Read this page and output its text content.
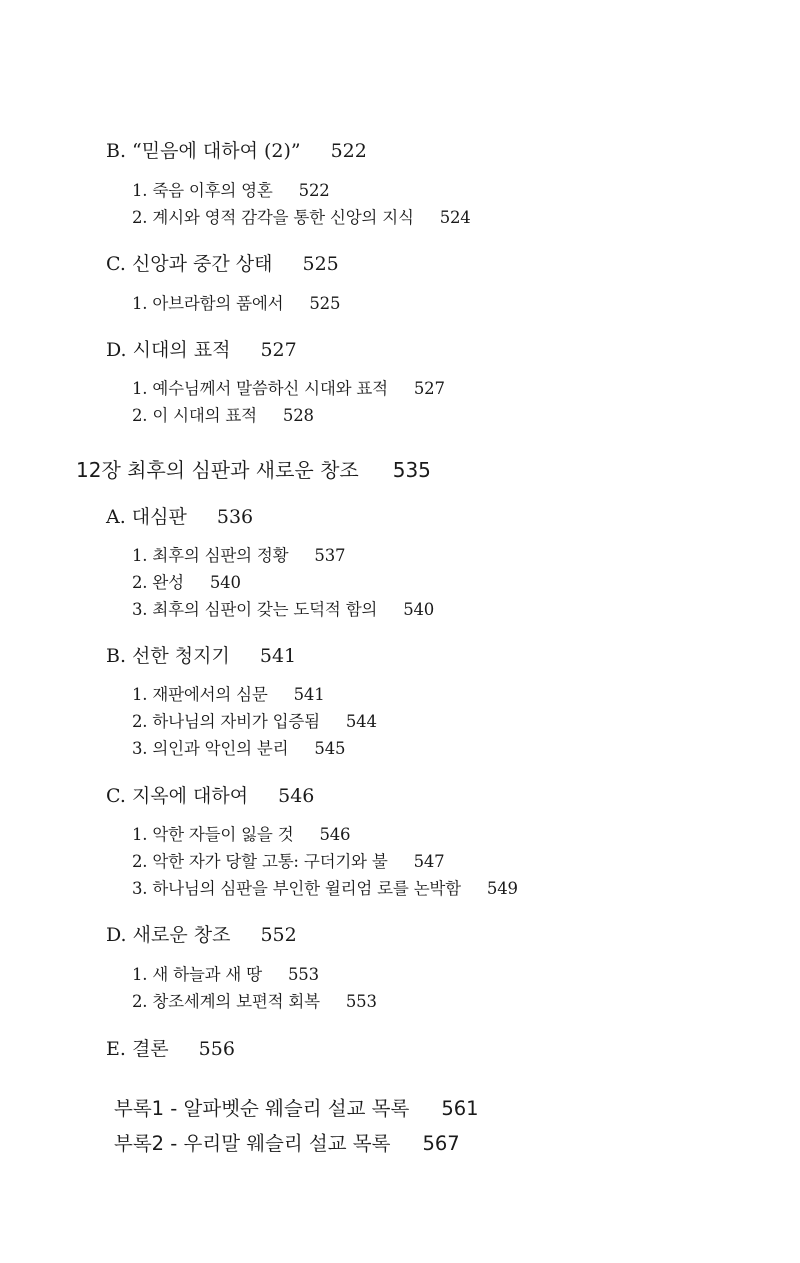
B. “믿음에 대하여 (2)” 522
1. 죽음 이후의 영혼 522
2. 계시와 영적 감각을 통한 신앙의 지식 524
C. 신앙과 중간 상태 525
1. 아브라함의 품에서 525
D. 시대의 표적 527
1. 예수님께서 말씀하신 시대와 표적 527
2. 이 시대의 표적 528
12장 최후의 심판과 새로운 창조 535
A. 대심판 536
1. 최후의 심판의 정황 537
2. 완성 540
3. 최후의 심판이 갖는 도덕적 함의 540
B. 선한 청지기 541
1. 재판에서의 심문 541
2. 하나님의 자비가 입증됨 544
3. 의인과 악인의 분리 545
C. 지옥에 대하여 546
1. 악한 자들이 잃을 것 546
2. 악한 자가 당할 고통: 구더기와 불 547
3. 하나님의 심판을 부인한 윌리엄 로를 논박함 549
D. 새로운 창조 552
1. 새 하늘과 새 땅 553
2. 창조세계의 보편적 회복 553
E. 결론 556
부록1 - 알파벳순 웨슬리 설교 목록 561
부록2 - 우리말 웨슬리 설교 목록 567
